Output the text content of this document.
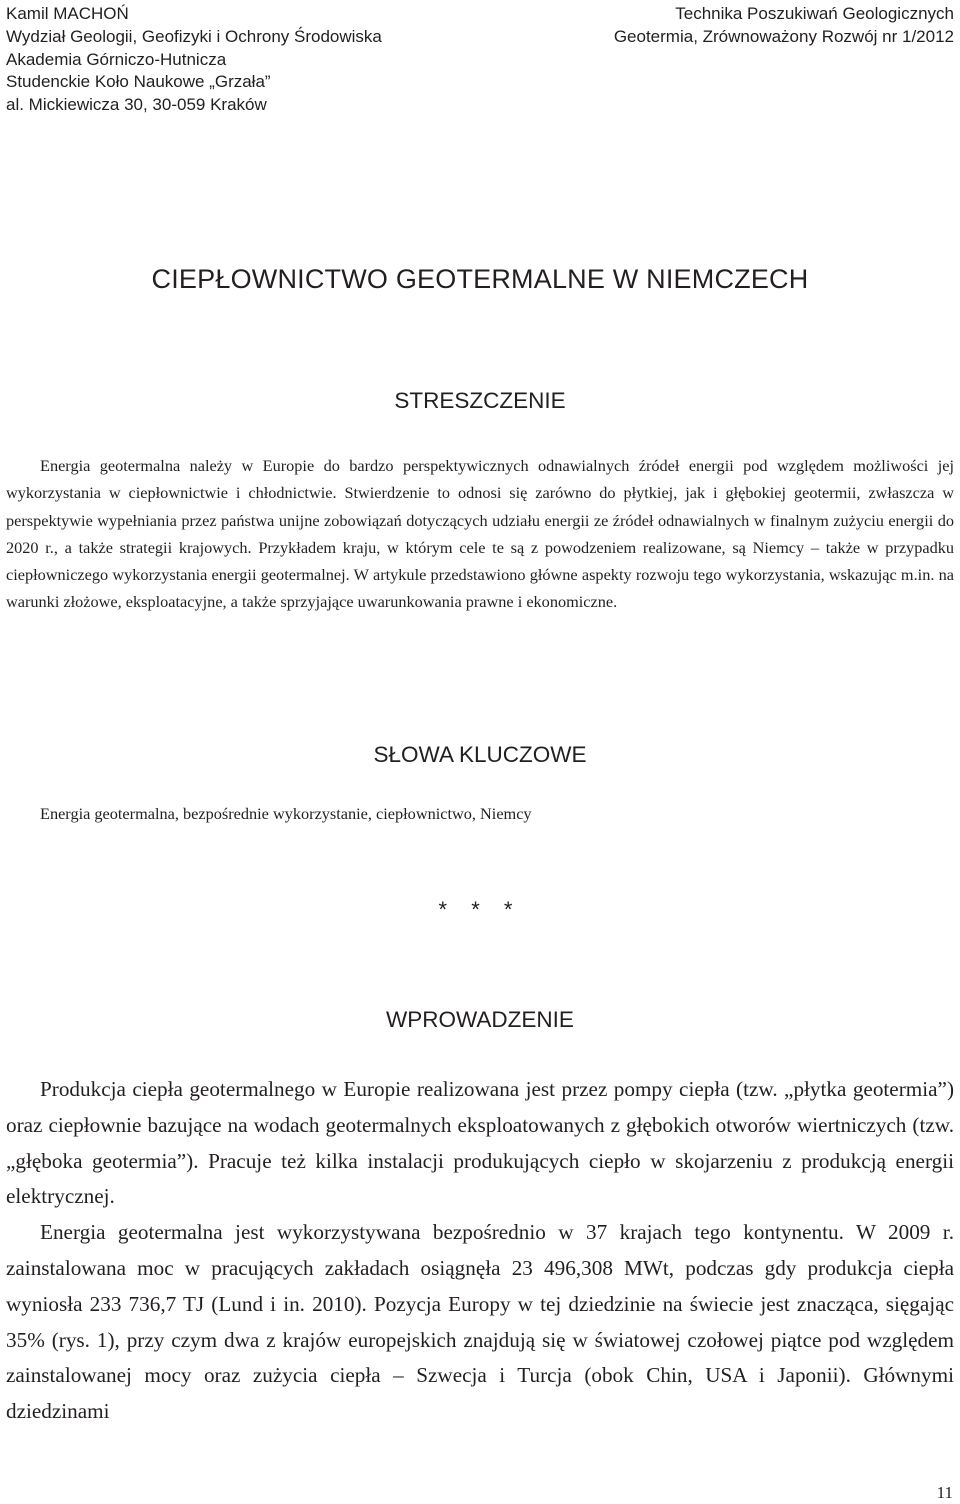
Kamil MACHOŃ
Wydział Geologii, Geofizyki i Ochrony Środowiska
Akademia Górniczo-Hutnicza
Studenckie Koło Naukowe „Grzała”
al. Mickiewicza 30, 30-059 Kraków
Technika Poszukiwań Geologicznych
Geotermia, Zrównoważony Rozwój nr 1/2012
CIEPŁOWNICTWO GEOTERMALNE W NIEMCZECH
STRESZCZENIE

Energia geotermalna należy w Europie do bardzo perspektywicznych odnawialnych źródeł energii pod względem możliwości jej wykorzystania w ciepłownictwie i chłodnictwie. Stwierdzenie to odnosi się zarówno do płytkiej, jak i głębokiej geotermii, zwłaszcza w perspektywie wypełniania przez państwa unijne zobowiązań dotyczących udziału energii ze źródeł odnawialnych w finalnym zużyciu energii do 2020 r., a także strategii krajowych. Przykładem kraju, w którym cele te są z powodzeniem realizowane, są Niemcy – także w przypadku ciepłowniczego wykorzystania energii geotermalnej. W artykule przedstawiono główne aspekty rozwoju tego wykorzystania, wskazując m.in. na warunki złożowe, eksploatacyjne, a także sprzyjające uwarunkowania prawne i ekonomiczne.

SŁOWA KLUCZOWE
Energia geotermalna, bezpośrednie wykorzystanie, ciepłownictwo, Niemcy
* * *
WPROWADZENIE

Produkcja ciepła geotermalnego w Europie realizowana jest przez pompy ciepła (tzw. „płytka geotermia”) oraz ciepłownie bazujące na wodach geotermalnych eksploatowanych z głębokich otworów wiertniczych (tzw. „głęboka geotermia”). Pracuje też kilka instalacji produkujących ciepło w skojarzeniu z produkcją energii elektrycznej.

Energia geotermalna jest wykorzystywana bezpośrednio w 37 krajach tego kontynentu. W 2009 r. zainstalowana moc w pracujących zakładach osiągnęła 23 496,308 MWt, podczas gdy produkcja ciepła wyniosła 233 736,7 TJ (Lund i in. 2010). Pozycja Europy w tej dziedzinie na świecie jest znacząca, sięgając 35% (rys. 1), przy czym dwa z krajów europejskich znajdują się w światowej czołowej piątce pod względem zainstalowanej mocy oraz zużycia ciepła – Szwecja i Turcja (obok Chin, USA i Japonii). Głównymi dziedzinami

11
